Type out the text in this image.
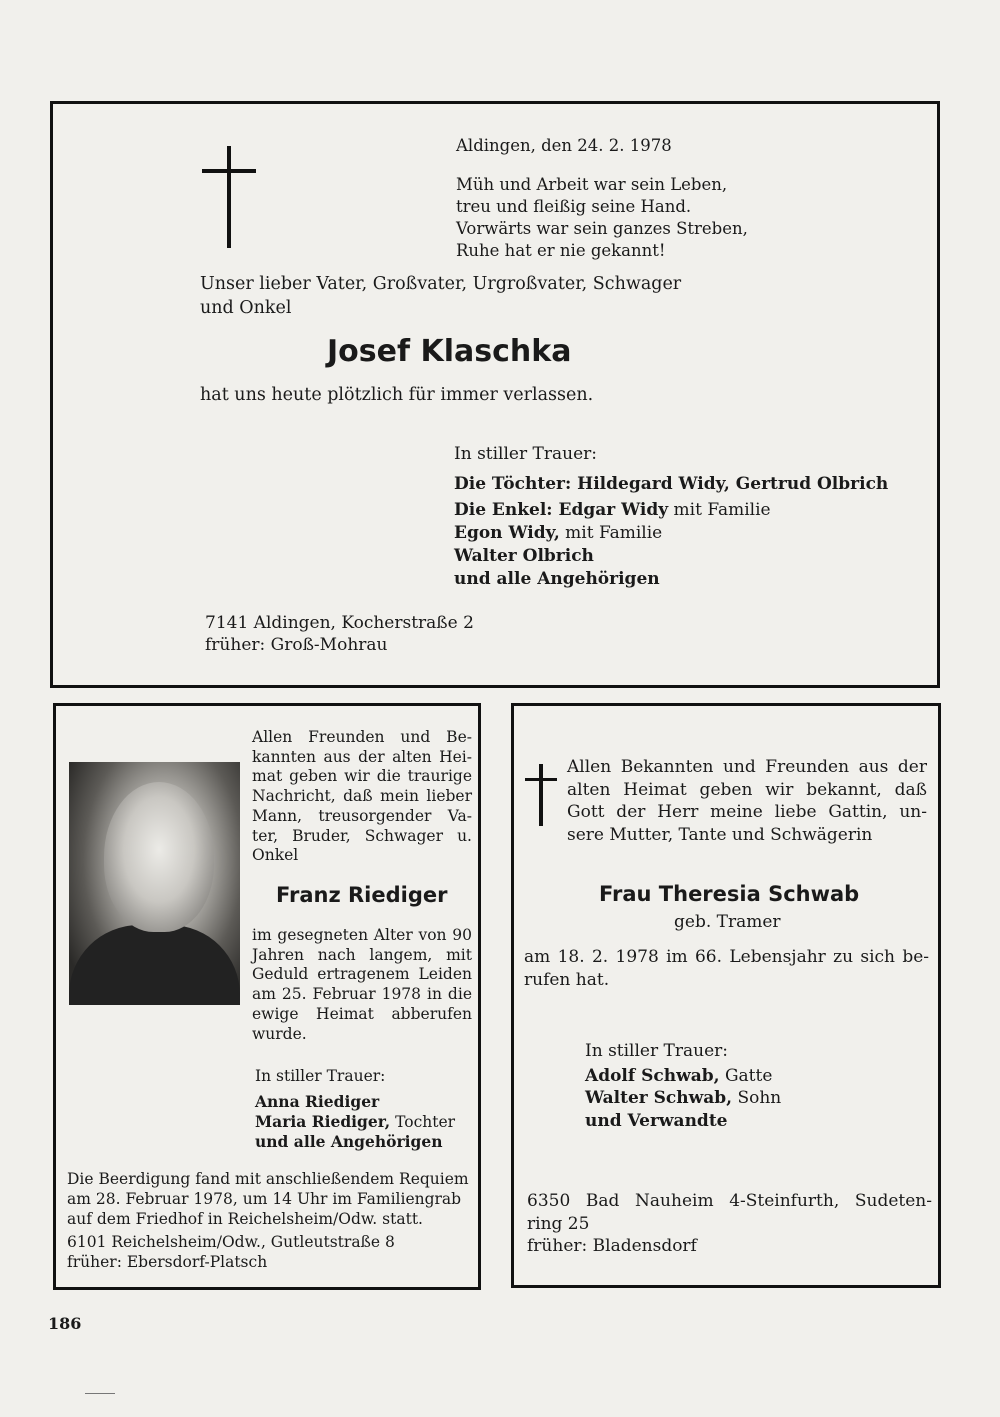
Aldingen, den 24. 2. 1978
Müh und Arbeit war sein Leben,
treu und fleißig seine Hand.
Vorwärts war sein ganzes Streben,
Ruhe hat er nie gekannt!
Unser lieber Vater, Großvater, Urgroßvater, Schwager
und Onkel
Josef Klaschka
hat uns heute plötzlich für immer verlassen.
In stiller Trauer:
Die Töchter: Hildegard Widy, Gertrud Olbrich
Die Enkel: Edgar Widy mit Familie
Egon Widy, mit Familie
Walter Olbrich
und alle Angehörigen
7141 Aldingen, Kocherstraße 2
früher: Groß-Mohrau
Allen Freunden und Be-
kannten aus der alten Hei-
mat geben wir die traurige
Nachricht, daß mein lieber
Mann, treusorgender Va-
ter, Bruder, Schwager u.
Onkel
Franz Riediger
im gesegneten Alter von 90
Jahren nach langem, mit
Geduld ertragenem Leiden
am 25. Februar 1978 in die
ewige Heimat abberufen
wurde.
In stiller Trauer:
Anna Riediger
Maria Riediger, Tochter
und alle Angehörigen
Die Beerdigung fand mit anschließendem Requiem
am 28. Februar 1978, um 14 Uhr im Familiengrab
auf dem Friedhof in Reichelsheim/Odw. statt.
6101 Reichelsheim/Odw., Gutleutstraße 8
früher: Ebersdorf-Platsch
Allen Bekannten und Freunden aus der
alten Heimat geben wir bekannt, daß
Gott der Herr meine liebe Gattin, un-
sere Mutter, Tante und Schwägerin
Frau Theresia Schwab
geb. Tramer
am 18. 2. 1978 im 66. Lebensjahr zu sich be-
rufen hat.
In stiller Trauer:
Adolf Schwab, Gatte
Walter Schwab, Sohn
und Verwandte
6350 Bad Nauheim 4-Steinfurth, Sudeten-
ring 25
früher: Bladensdorf
186
